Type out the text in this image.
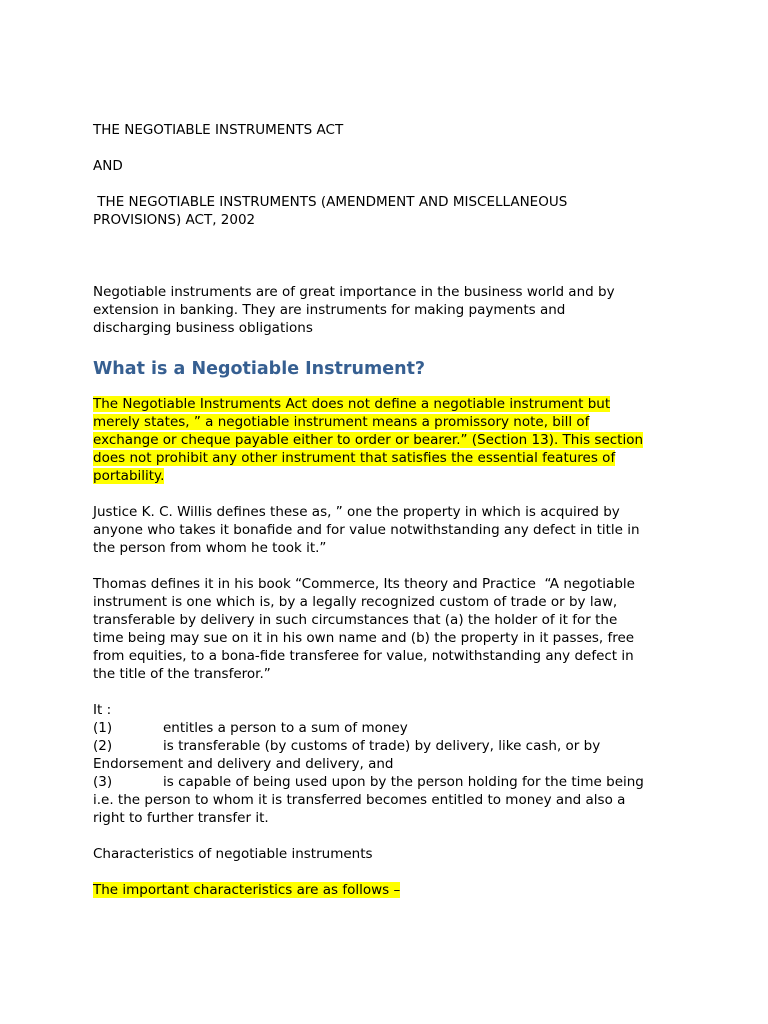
THE NEGOTIABLE INSTRUMENTS ACT

AND

THE NEGOTIABLE INSTRUMENTS (AMENDMENT AND MISCELLANEOUS

PROVISIONS) ACT, 2002

Negotiable instruments are of great importance in the business world and by
extension in banking. They are instruments for making payments and
discharging business obligations

What is a Negotiable Instrument?

The Negotiable Instruments Act does not define a negotiable instrument but
merely states, ” a negotiable instrument means a promissory note, bill of
exchange or cheque payable either to order or bearer.” (Section 13). This section
does not prohibit any other instrument that satisfies the essential features of
portability.

Justice K. C. Willis defines these as, ” one the property in which is acquired by
anyone who takes it bonafide and for value notwithstanding any defect in title in
the person from whom he took it.”

Thomas defines it in his book “Commerce, Its theory and Practice  “A negotiable
instrument is one which is, by a legally recognized custom of trade or by law,
transferable by delivery in such circumstances that (a) the holder of it for the
time being may sue on it in his own name and (b) the property in it passes, free
from equities, to a bona-fide transferee for value, notwithstanding any defect in
the title of the transferor.”

It :
(1)	entitles a person to a sum of money
(2)	is transferable (by customs of trade) by delivery, like cash, or by
Endorsement and delivery and delivery, and
(3)	is capable of being used upon by the person holding for the time being
i.e. the person to whom it is transferred becomes entitled to money and also a
right to further transfer it.

Characteristics of negotiable instruments

The important characteristics are as follows –
